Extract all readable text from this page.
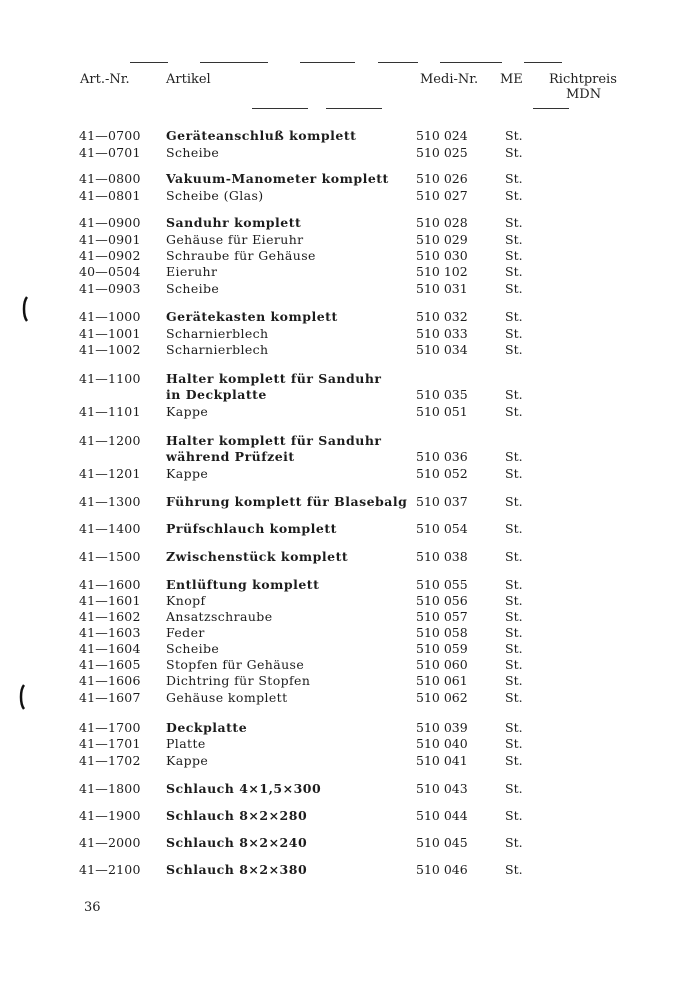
Art.-Nr.	Artikel	Medi-Nr. ME Richtpreis
MDN
41—0700 Geräteanschluß komplett	510 024	St.
41—0701 Scheibe	510 025	St.
41—0800 Vakuum-Manometer komplett 510 026	St.
41—0801 Scheibe (Glas)	510 027	St.
41—0900 Sanduhr komplett	510 028	St.
41—0901 Gehäuse für Eieruhr	510 029	St.
41—0902 Schraube für Gehäuse	510 030	St.
40—0504 Eieruhr	510 102	St.
41—0903 Scheibe	510 031	St.
41—1000 Gerätekasten komplett	510 032	St.
41—1001 Scharnierblech	510 033	St.
41—1002 Scharnierblech	510 034	St.
41—1100 Halter komplett für Sanduhr
in Deckplatte	510 035	St.
41—1101 Kappe	510 051	St.
41—1200 Halter komplett für Sanduhr
während Prüfzeit	510 036	St.
41—1201 Kappe	510 052	St.
41—1300 Führung komplett für Blasebalg 510 037	St.
41—1400 Prüfschlauch komplett	510 054	St.
41—1500 Zwischenstück komplett	510 038	St.
41—1600 Entlüftung komplett	510 055	St.
41—1601 Knopf	510 056	St.
41—1602 Ansatzschraube	510 057	St.
41—1603 Feder	510 058	St.
41—1604 Scheibe	510 059	St.
41—1605 Stopfen für Gehäuse	510 060	St.
41—1606 Dichtring für Stopfen	510 061	St.
41—1607 Gehäuse komplett	510 062	St.
41—1700 Deckplatte	510 039	St.
41—1701 Platte	510 040	St.
41—1702 Kappe	510 041	St.
41—1800 Schlauch 4×1,5×300	510 043	St.
41—1900 Schlauch 8×2×280	510 044	St.
41—2000 Schlauch 8×2×240	510 045	St.
41—2100 Schlauch 8×2×380	510 046	St.
36
